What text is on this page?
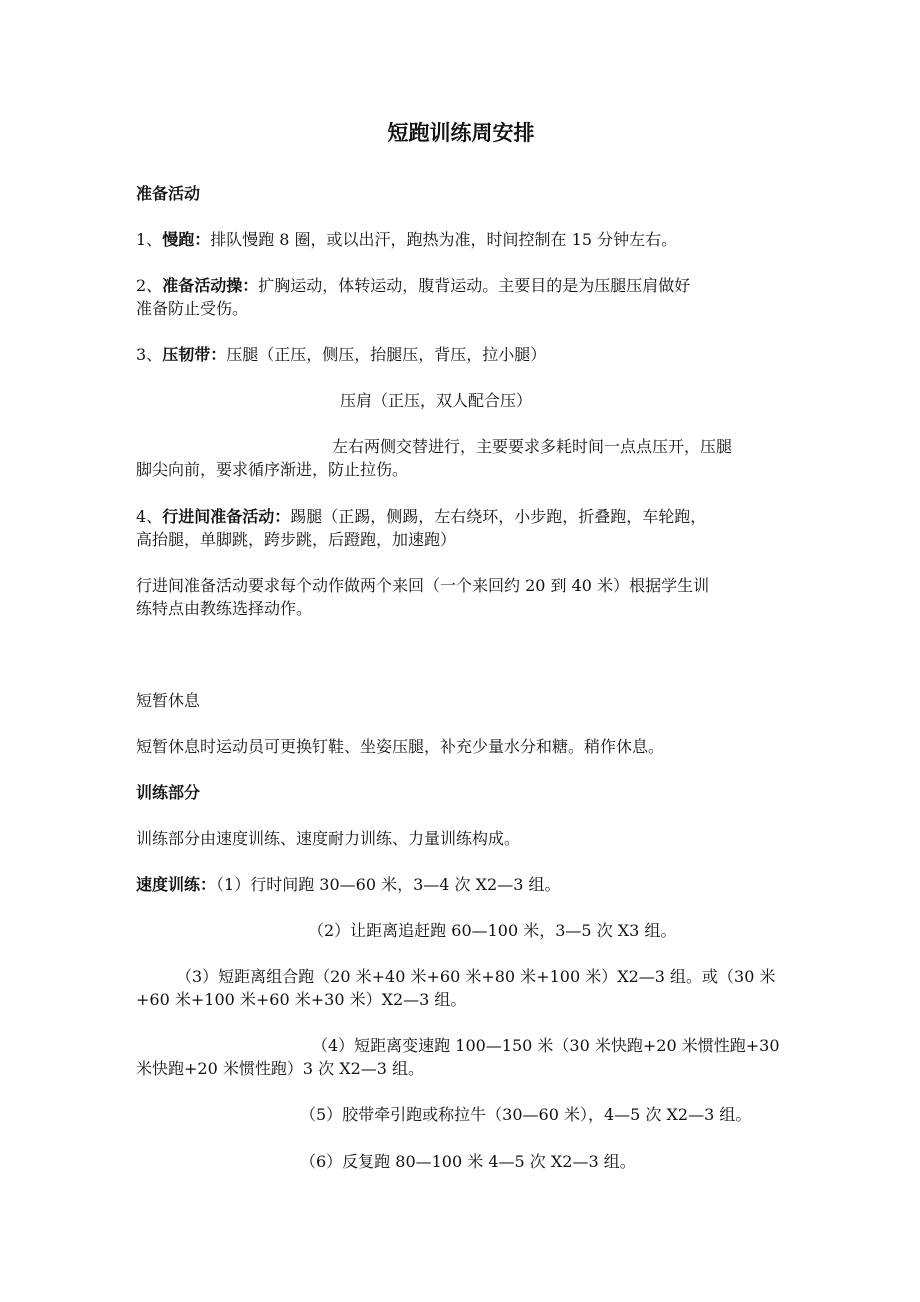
短跑训练周安排
准备活动
1、慢跑：排队慢跑 8 圈，或以出汗，跑热为准，时间控制在 15 分钟左右。
2、准备活动操：扩胸运动，体转运动，腹背运动。主要目的是为压腿压肩做好
准备防止受伤。
3、压韧带：压腿（正压，侧压，抬腿压，背压，拉小腿）
压肩（正压，双人配合压）
左右两侧交替进行，主要要求多耗时间一点点压开，压腿
脚尖向前，要求循序渐进，防止拉伤。
4、行进间准备活动：踢腿（正踢，侧踢，左右绕环，小步跑，折叠跑，车轮跑，
高抬腿，单脚跳，跨步跳，后蹬跑，加速跑）
行进间准备活动要求每个动作做两个来回（一个来回约 20 到 40 米）根据学生训
练特点由教练选择动作。
短暂休息
短暂休息时运动员可更换钉鞋、坐姿压腿，补充少量水分和糖。稍作休息。
训练部分
训练部分由速度训练、速度耐力训练、力量训练构成。
速度训练：（1）行时间跑 30—60 米，3—4 次 X2—3 组。
（2）让距离追赶跑 60—100 米，3—5 次 X3 组。
（3）短距离组合跑（20 米+40 米+60 米+80 米+100 米）X2—3 组。或（30 米
+60 米+100 米+60 米+30 米）X2—3 组。
（4）短距离变速跑 100—150 米（30 米快跑+20 米惯性跑+30
米快跑+20 米惯性跑）3 次 X2—3 组。
（5）胶带牵引跑或称拉牛（30—60 米），4—5 次 X2—3 组。
（6）反复跑 80—100 米 4—5 次 X2—3 组。
